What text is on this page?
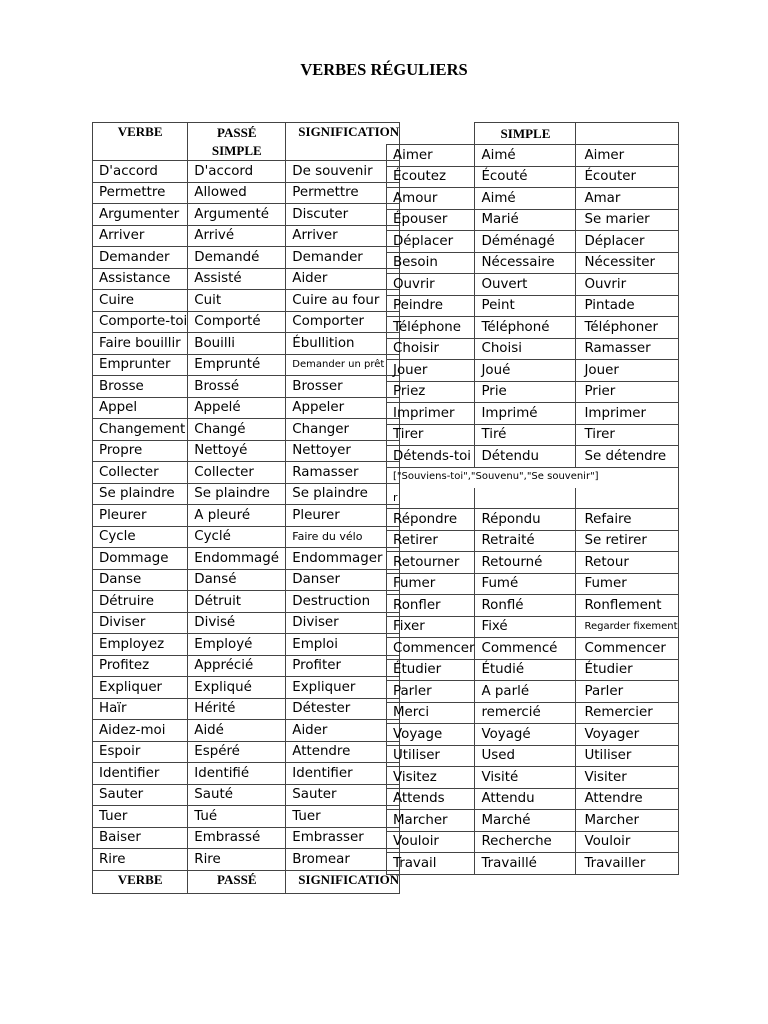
VERBES RÉGULIERS
VERBE	PASSÉ SIMPLE	SIGNIFICATION

D'accord	D'accord	De souvenir
Permettre	Allowed	Permettre
Argumenter	Argumenté	Discuter
Arriver	Arrivé	Arriver
Demander	Demandé	Demander
Assistance	Assisté	Aider
Cuire	Cuit	Cuire au four
Comporte-toi	Comporté	Comporter
Faire bouillir	Bouilli	Ébullition
Emprunter	Emprunté	Demander un prêt
Brosse	Brossé	Brosser
Appel	Appelé	Appeler
Changement	Changé	Changer
Propre	Nettoyé	Nettoyer
Collecter	Collecter	Ramasser
Se plaindre	Se plaindre	Se plaindre
Pleurer	A pleuré	Pleurer
Cycle	Cyclé	Faire du vélo
Dommage	Endommagé	Endommager
Danse	Dansé	Danser
Détruire	Détruit	Destruction
Diviser	Divisé	Diviser
Employez	Employé	Emploi
Profitez	Apprécié	Profiter
Expliquer	Expliqué	Expliquer
Haïr	Hérité	Détester
Aidez-moi	Aidé	Aider
Espoir	Espéré	Attendre
Identifier	Identifié	Identifier
Sauter	Sauté	Sauter
Tuer	Tué	Tuer
Baiser	Embrassé	Embrasser
Rire	Rire	Bromear
VERBE	PASSÉ	SIGNIFICATION
	SIMPLE	
Aimer	Aimé	Aimer
Écoutez	Écouté	Écouter
Amour	Aimé	Amar
Épouser	Marié	Se marier
Déplacer	Déménagé	Déplacer
Besoin	Nécessaire	Nécessiter
Ouvrir	Ouvert	Ouvrir
Peindre	Peint	Pintade
Téléphone	Téléphoné	Téléphoner
Choisir	Choisi	Ramasser
Jouer	Joué	Jouer
Priez	Prie	Prier
Imprimer	Imprimé	Imprimer
Tirer	Tiré	Tirer
Détends-toi	Détendu	Se détendre
["Souviens-toi","Souvenu","Se souvenir"]		
r		
Répondre	Répondu	Refaire
Retirer	Retraité	Se retirer
Retourner	Retourné	Retour
Fumer	Fumé	Fumer
Ronfler	Ronflé	Ronflement
Fixer	Fixé	Regarder fixement
Commencer	Commencé	Commencer
Étudier	Étudié	Étudier
Parler	A parlé	Parler
Merci	remercié	Remercier
Voyage	Voyagé	Voyager
Utiliser	Used	Utiliser
Visitez	Visité	Visiter
Attends	Attendu	Attendre
Marcher	Marché	Marcher
Vouloir	Recherche	Vouloir
Travail	Travaillé	Travailler
